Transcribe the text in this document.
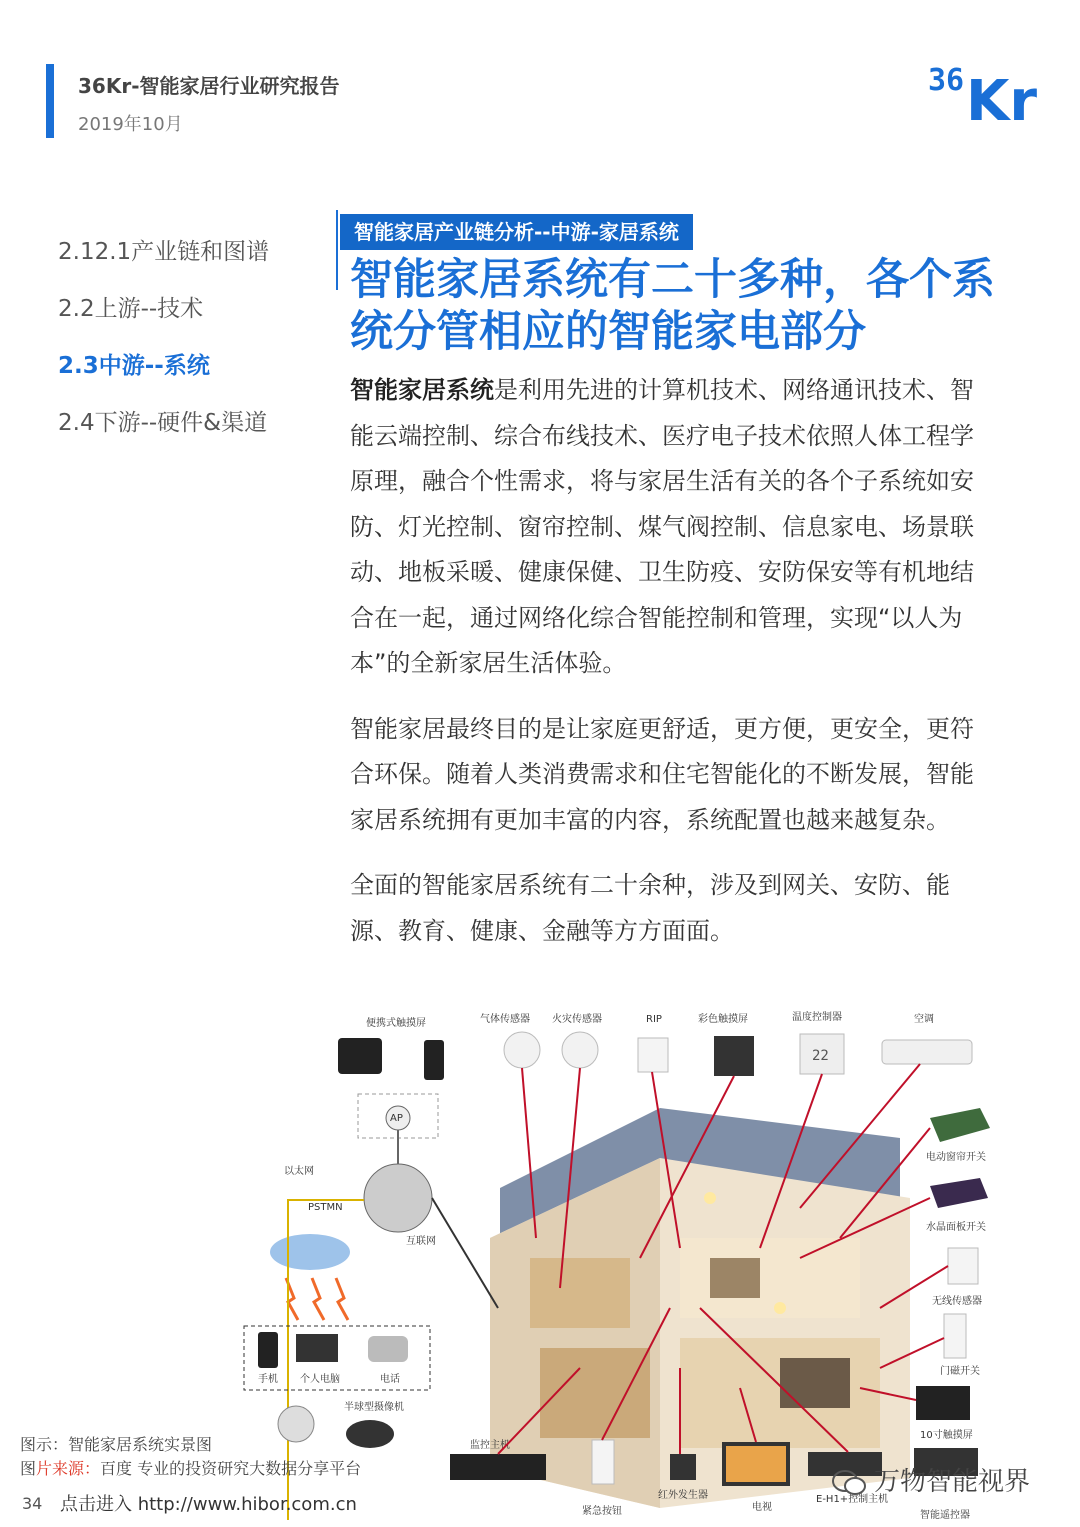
36Kr-智能家居行业研究报告
2019年10月
36 Kr
2.12.1产业链和图谱
2.2上游--技术
2.3中游--系统
2.4下游--硬件&渠道
智能家居产业链分析--中游-家居系统
智能家居系统有二十多种，各个系统分管相应的智能家电部分

智能家居系统是利用先进的计算机技术、网络通讯技术、智能云端控制、综合布线技术、医疗电子技术依照人体工程学原理，融合个性需求，将与家居生活有关的各个子系统如安防、灯光控制、窗帘控制、煤气阀控制、信息家电、场景联动、地板采暖、健康保健、卫生防疫、安防保安等有机地结合在一起，通过网络化综合智能控制和管理，实现“以人为本”的全新家居生活体验。

智能家居最终目的是让家庭更舒适，更方便，更安全，更符合环保。随着人类消费需求和住宅智能化的不断发展，智能家居系统拥有更加丰富的内容，系统配置也越来越复杂。

全面的智能家居系统有二十余种，涉及到网关、安防、能源、教育、健康、金融等方方面面。

便携式触摸屏	气体传感器 火灾传感器	RIP	彩色触摸屏
22
温度控制器	空调
AP
以太网
PSTMN
互联网
手机 个人电脑	电话
半球型摄像机
监控主机
紧急按钮
红外发生器
电视
E-H1+控制主机
智能遥控器
电动窗帘开关
水晶面板开关
无线传感器
门磁开关
10寸触摸屏
图示：智能家居系统实景图
图片来源：百度 专业的投资研究大数据分享平台
34 点击进入 http://www.hibor.com.cn
万物智能视界
